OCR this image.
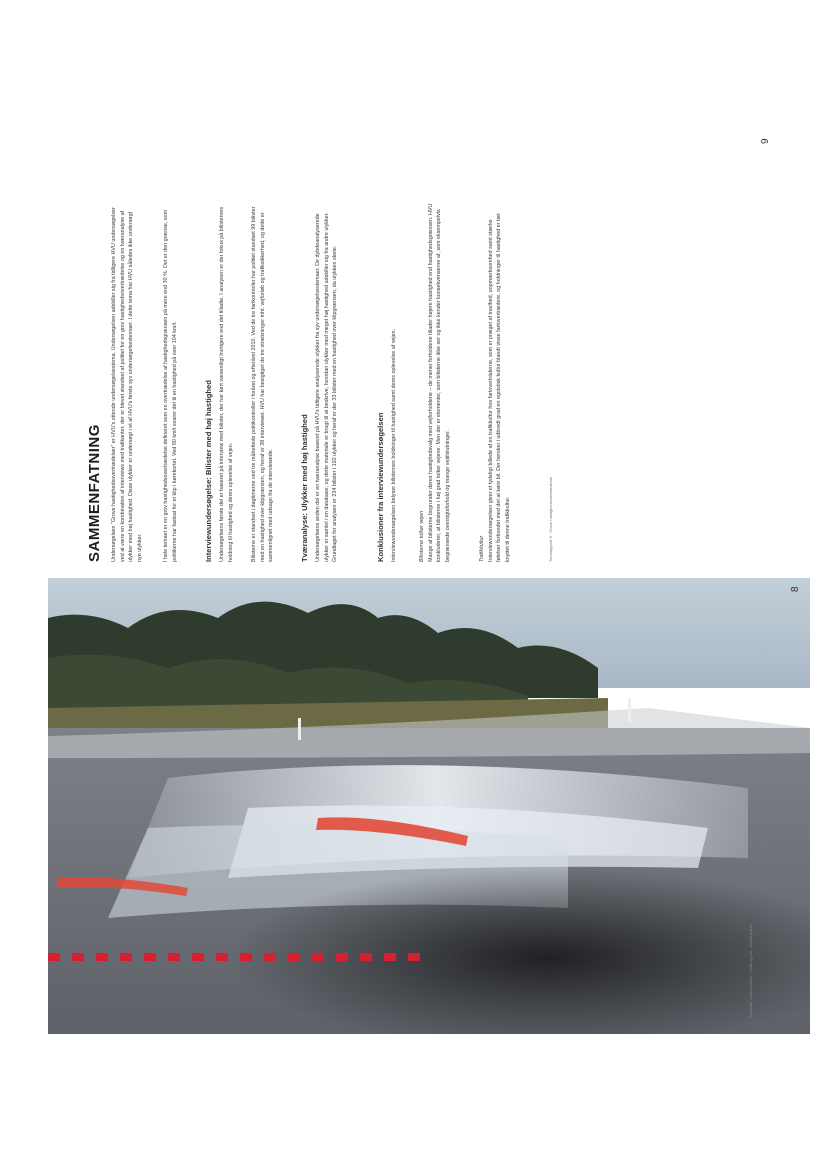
Fotokilde: Lorem ipsum - Trafik og Vej - Lorem ipsum
8
SAMMENFATNING Undersøgelsen "Grove hastighedsovertrædelser" er HVU's ottende undersøgelsestema. Undersøgelsen adskiller sig fra tidligere HVU undersøgelser ved at være en kombination af interviews med trafikanter, der er blevet standset af politiet for en grov hastighedsovertrædelse og en tværanalyse af ulykker med høj hastighed. Disse ulykker er undersøgt i et af HVU's første syv undersøgelsestemaer. I dette tema har HVU således ikke undersøgt nye ulykker.	I hele temaet er en grov hastighedsovertrædelse defineret som en overtrædelse af hastighedsgrænsen på mere end 30 %. Det er den grænse, som politikerne har fastsat for et klip i kørekortet. Ved 80 km/t svarer det til en hastighed på over 104 km/t.	Interviewundersøgelse: Bilister med høj hastighed Undersøgelsens første del er baseret på interview med bilister, der har kørt væsentligt hurtigere end det tilladte. I analysen er der fokus på bilisternes holdning til hastighed og deres oplevelse af vejen.	Bilisterne er standset i dagtimerne ved tre målrettede politikontroller i foråret og efteråret 2010. Ved de tre fartkontroller har politiet standset 99 bilister med en hastighed over klipgrænsen, og heraf er 38 interviewet. HVU har besigtiget de tre strækninger mht. vejforløb og trafiksikkerhed, og dette er sammenlignet med udsagn fra de interviewede.	Tværanalyse: Ulykker med høj hastighed Undersøgelsens anden del er en tværanalyse baseret på HVU's tidligere analyserede ulykker fra syv undersøgelsestemaer. De dybdeanalyserede ulykker er samlet i en database, og dette materiale er brugt til at beskrive, hvordan ulykker med meget høj hastighed adskiller sig fra andre ulykker. Grundlaget for analysen er 234 bilister i 192 ulykker og heraf er der 33 bilister med en hastighed over klipgrænsen, da ulykken skete.	Konklusioner fra interviewundersøgelsen Interviewundersøgelsen belyser bilisternes holdninger til hastighed samt deres oplevelse af vejen.	Bilisterne tolker vejen Mange af bilisterne begrunder deres hastighedsvalg med vejforholdene – de mener forholdene tillader højere hastighed end hastighedsgrænsen. HVU konkluderer, at bilisterne i høj grad tolker vejene. Men der er elementer, som bilisterne ikke ser og ikke kender konsekvenserne af, som eksempelvis begrænsede oversigtsforhold og mange vejtilslutninger.	Trafikkultur Interviewundersøgelsen giver et tydeligt billede af en trafikkultur hos fartoverträderne, som er præget af travlhed, uopmærksomhed samt stærke følelser forbundet med det at køre bil. Der hersker i udbredt grad en egoistisk kultur blandt visse fartovertrædere, og holdninger til hastighed er tæt knyttet til denne trafikkultur.	Temarapport 8 · Grove hastighedsovertrædelser
9
